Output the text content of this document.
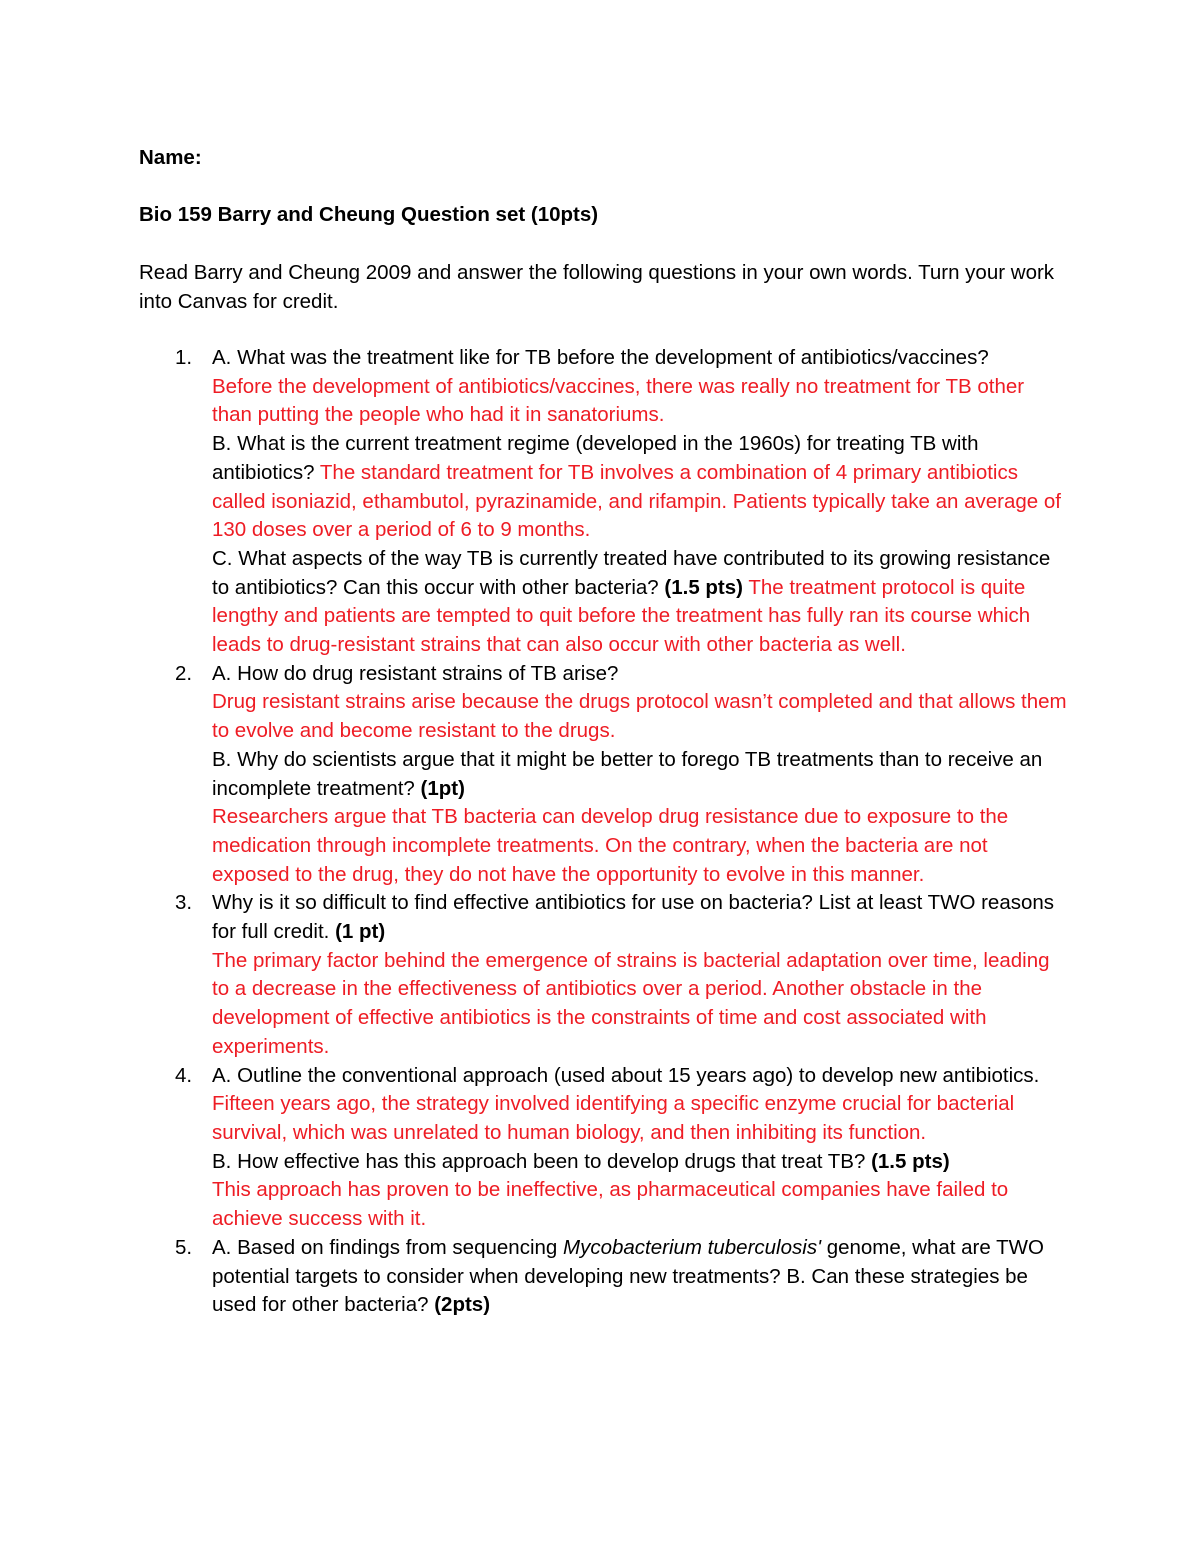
Name:

Bio 159 Barry and Cheung Question set (10pts)

Read Barry and Cheung 2009 and answer the following questions in your own words. Turn your work into Canvas for credit.

1. A. What was the treatment like for TB before the development of antibiotics/vaccines?
Before the development of antibiotics/vaccines, there was really no treatment for TB other than putting the people who had it in sanatoriums.
B. What is the current treatment regime (developed in the 1960s) for treating TB with antibiotics? The standard treatment for TB involves a combination of 4 primary antibiotics called isoniazid, ethambutol, pyrazinamide, and rifampin. Patients typically take an average of 130 doses over a period of 6 to 9 months.
C. What aspects of the way TB is currently treated have contributed to its growing resistance to antibiotics? Can this occur with other bacteria? (1.5 pts) The treatment protocol is quite lengthy and patients are tempted to quit before the treatment has fully ran its course which leads to drug-resistant strains that can also occur with other bacteria as well.
2. A. How do drug resistant strains of TB arise?
Drug resistant strains arise because the drugs protocol wasn’t completed and that allows them to evolve and become resistant to the drugs.
B. Why do scientists argue that it might be better to forego TB treatments than to receive an incomplete treatment? (1pt)
Researchers argue that TB bacteria can develop drug resistance due to exposure to the medication through incomplete treatments. On the contrary, when the bacteria are not exposed to the drug, they do not have the opportunity to evolve in this manner.
3. Why is it so difficult to find effective antibiotics for use on bacteria? List at least TWO reasons for full credit. (1 pt)
The primary factor behind the emergence of strains is bacterial adaptation over time, leading to a decrease in the effectiveness of antibiotics over a period. Another obstacle in the development of effective antibiotics is the constraints of time and cost associated with experiments.
4. A. Outline the conventional approach (used about 15 years ago) to develop new antibiotics.
Fifteen years ago, the strategy involved identifying a specific enzyme crucial for bacterial survival, which was unrelated to human biology, and then inhibiting its function.
B. How effective has this approach been to develop drugs that treat TB? (1.5 pts)
This approach has proven to be ineffective, as pharmaceutical companies have failed to achieve success with it.
5. A. Based on findings from sequencing Mycobacterium tuberculosis' genome, what are TWO potential targets to consider when developing new treatments? B. Can these strategies be used for other bacteria? (2pts)
